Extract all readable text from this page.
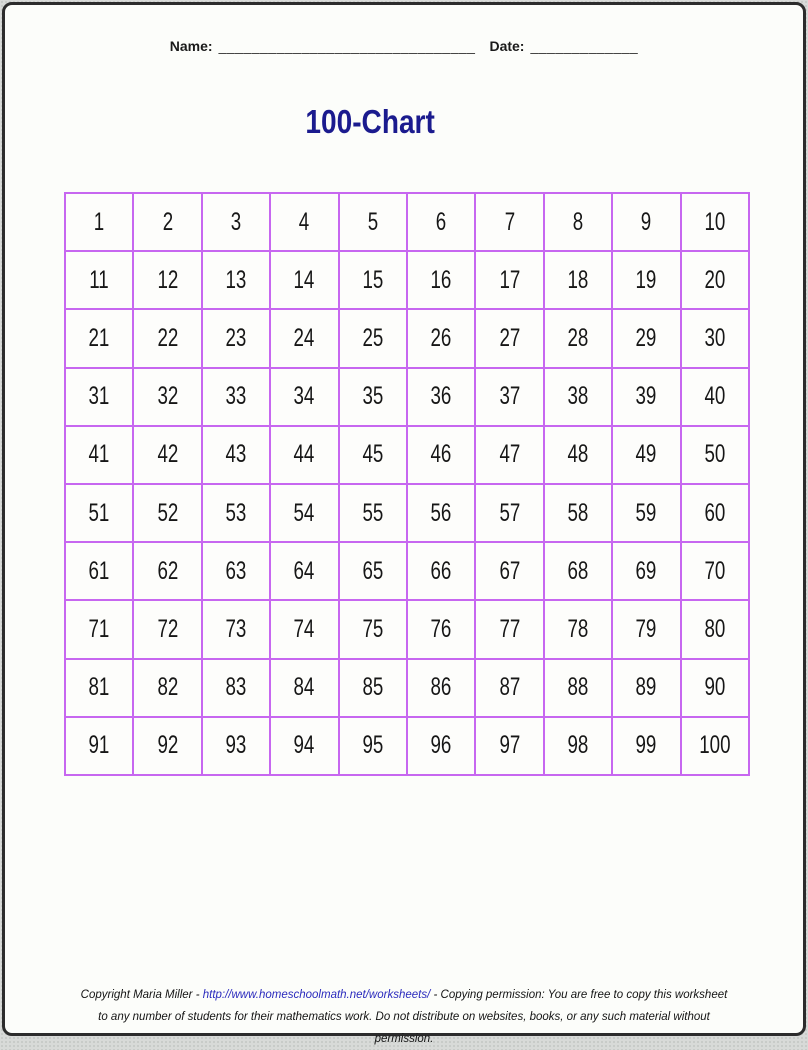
Name: _______________________________ Date: _____________
100-Chart
1	2	3	4	5	6	7	8	9	10
11	12	13	14	15	16	17	18	19	20
21	22	23	24	25	26	27	28	29	30
31	32	33	34	35	36	37	38	39	40
41	42	43	44	45	46	47	48	49	50
51	52	53	54	55	56	57	58	59	60
61	62	63	64	65	66	67	68	69	70
71	72	73	74	75	76	77	78	79	80
81	82	83	84	85	86	87	88	89	90
91	92	93	94	95	96	97	98	99	100
Copyright Maria Miller - http://www.homeschoolmath.net/worksheets/ - Copying permission: You are free to copy this worksheet to any number of students for their mathematics work. Do not distribute on websites, books, or any such material without permission.
